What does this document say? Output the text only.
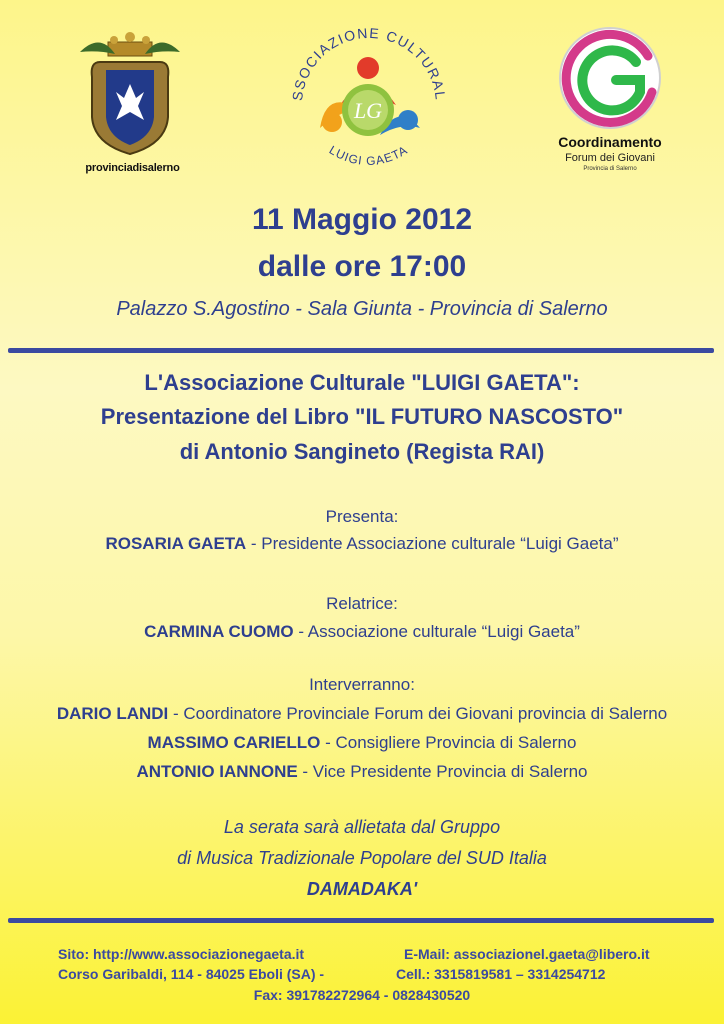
provinciadisalerno
SSOCIAZIONE CULTURAL
LG
LUIGI GAETA
Coordinamento
Forum dei Giovani
Provincia di Salerno
11 Maggio 2012
dalle ore 17:00
Palazzo S.Agostino - Sala Giunta - Provincia di Salerno
L'Associazione Culturale "LUIGI GAETA":
Presentazione del Libro "IL FUTURO NASCOSTO"
di Antonio Sangineto (Regista RAI)
Presenta:
ROSARIA GAETA - Presidente Associazione culturale “Luigi Gaeta”
Relatrice:
CARMINA CUOMO - Associazione culturale “Luigi Gaeta”
Interverranno:
DARIO LANDI - Coordinatore Provinciale Forum dei Giovani provincia di Salerno
MASSIMO CARIELLO - Consigliere Provincia di Salerno
ANTONIO IANNONE - Vice Presidente Provincia di Salerno
La serata sarà allietata dal Gruppo
di Musica Tradizionale Popolare del SUD Italia
DAMADAKA'
Sito: http://www.associazionegaeta.it	E-Mail: associazionel.gaeta@libero.it
Corso Garibaldi, 114 - 84025 Eboli (SA) -	Cell.: 3315819581 – 3314254712
Fax: 391782272964 - 0828430520
